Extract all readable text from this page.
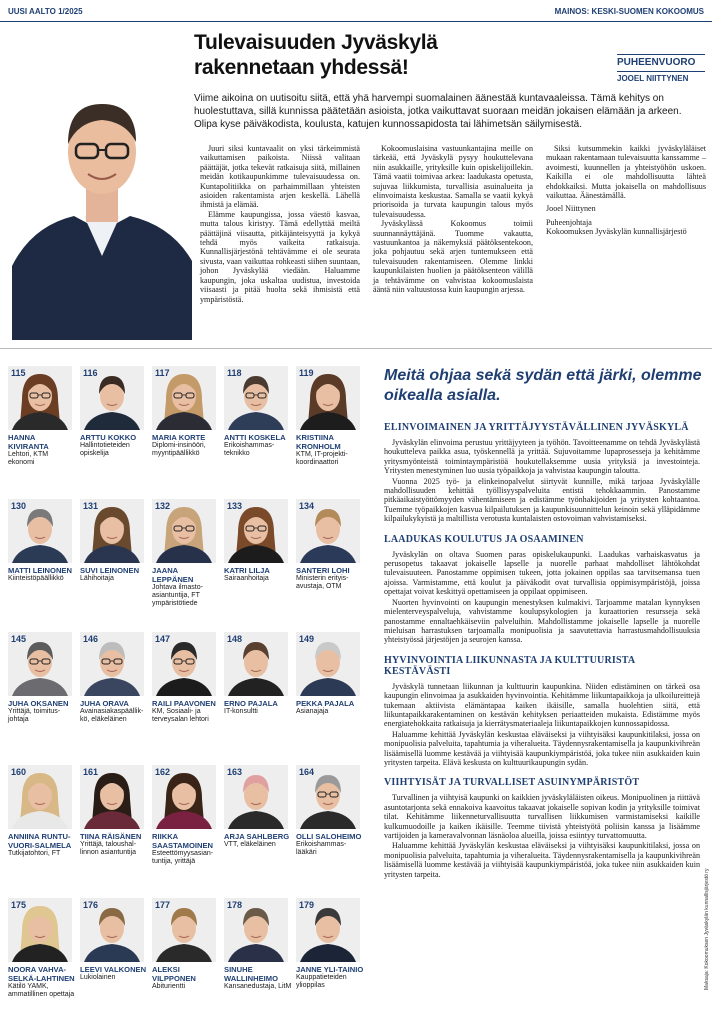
UUSI AALTO 1/2025	MAINOS: KESKI-SUOMEN KOKOOMUS
Tulevaisuuden Jyväskylä
rakennetaan yhdessä!	PUHEENVUORO
JOOEL NIITTYNEN
Viime aikoina on uutisoitu siitä, että yhä harvempi suomalainen äänestää kuntavaaleissa. Tämä kehitys on huolestuttava, sillä kunnissa päätetään asioista, jotka vaikuttavat suoraan meidän jokaisen elämään ja arkeen. Olipa kyse päiväkodista, koulusta, katujen kunnossapidosta tai lähimetsän säilymisestä.

Juuri siksi kuntavaalit on yksi tärkeimmistä vaikuttamisen paikoista. Niissä valitaan päättäjät, jotka tekevät ratkaisuja siitä, millainen meidän kotikaupunkimme tulevaisuudessa on. Kuntapolitiikka on parhaimmillaan yhteisten asioiden rakentamista arjen keskellä. Lähellä ihmistä ja elämää.

Elämme kaupungissa, jossa väestö kasvaa, mutta talous kiristyy. Tämä edellyttää meiltä päättäjinä viisautta, pitkäjänteisyyttä ja kykyä tehdä myös vaikeita ratkaisuja. Kunnallisjärjestönä tehtävämme ei ole seurata sivusta, vaan vaikuttaa rohkeasti siihen suuntaan, johon Jyväskylää viedään. Haluamme kaupungin, joka uskaltaa uudistua, investoida viisaasti ja pitää huolta sekä ihmisistä että ympäristöstä.

Kokoomuslaisina vastuunkantajina meille on tärkeää, että Jyväskylä pysyy houkuttelevana niin asukkaille, yrityksille kuin opiskelijoillekin. Tämä vaatii toimivaa arkea: laadukasta opetusta, sujuvaa liikkumista, turvallisia asuinalueita ja elinvoimaista keskustaa. Samalla se vaatii kykyä priorisoida ja turvata kaupungin talous myös tulevaisuudessa.

Jyväskylässä Kokoomus toimii suunnannäyttäjänä. Tuomme vakautta, vastuunkantoa ja näkemyksiä päätöksentekoon, joka pohjautuu sekä arjen tuntemukseen että tulevaisuuden rakentamiseen. Olemme linkki kaupunkilaisten huolien ja päätöksenteon välillä ja tehtävämme on vahvistaa kokoomuslaista ääntä niin valtuustossa kuin kaupungin arjessa.

Siksi kutsummekin kaikki jyväskyläläiset mukaan rakentamaan tulevaisuutta kanssamme – avoimesti, kuunnellen ja yhteistyöhön uskoen. Kaikilla ei ole mahdollisuutta lähteä ehdokkaiksi. Mutta jokaisella on mahdollisuus vaikuttaa. Äänestämällä.

Jooel Niittynen

Puheenjohtaja

Kokoomuksen Jyväskylän kunnallisjärjestö

115
HANNA KIVIRANTA
Lehtori, KTM ekonomi
116
ARTTU KOKKO
Hallintotieteiden opiskelija
117
MARIA KORTE
Diplomi-insinööri, myyntipäällikkö
118
ANTTI KOSKELA
Erikoishammas-teknikko
119
KRISTIINA KRONHOLM
KTM, IT-projekti-koordinaattori
130
MATTI LEINONEN
Kiinteistöpäällikkö
131
SUVI LEINONEN
Lähihoitaja
132
JAANA LEPPÄNEN
Johtava ilmasto-asiantuntija, FT ympäristötiede
133
KATRI LILJA
Sairaanhoitaja
134
SANTERI LOHI
Ministerin erityis-avustaja, OTM
145
JUHA OKSANEN
Yrittäjä, toimitus-johtaja
146
JUHA ORAVA
Avainasiakaspäällik-kö, eläkeläinen
147
RAILI PAAVONEN
KM, Sosiaali- ja terveysalan lehtori
148
ERNO PAJALA
IT-konsultti
149
PEKKA PAJALA
Asianajaja
160
ANNIINA RUNTU-VUORI-SALMELA
Tutkijatohtori, FT
161
TIINA RÄISÄNEN
Yrittäjä, taloushal-linnon asiantuntija
162
RIIKKA SAASTAMOINEN
Esteettömyysasian-tuntija, yrittäjä
163
ARJA SAHLBERG
VTT, eläkeläinen
164
OLLI SALOHEIMO
Erikoishammas-lääkäri
175
NOORA VAHVA-SELKÄ-LAHTINEN
Kätilö YAMK, ammatillinen opettaja
176
LEEVI VALKONEN
Lukiolainen
177
ALEKSI VILPPONEN
Abiturientti
178
SINUHE WALLINHEIMO
Kansanedustaja, LitM
179
JANNE YLI-TAINIO
Kauppatieteiden ylioppilas
Meitä ohjaa sekä sydän että järki, olemme oikealla asialla.
ELINVOIMAINEN JA YRITTÄJYYSTÄVÄLLINEN JYVÄSKYLÄ

Jyväskylän elinvoima perustuu yrittäjyyteen ja työhön. Tavoitteenamme on tehdä Jyväskylästä houkutteleva paikka asua, työskennellä ja yrittää. Sujuvoitamme lupaprosesseja ja kehitämme yritysmyönteistä toimintaympäristöä houkutellaksemme uusia yrityksiä ja investointeja. Yritysten menestyminen luo uusia työpaikkoja ja vahvistaa kaupungin taloutta.

Vuonna 2025 työ- ja elinkeinopalvelut siirtyvät kunnille, mikä tarjoaa Jyväskylälle mahdollisuuden kehittää työllisyyspalveluita entistä tehokkaammin. Panostamme pitkäaikaistyöttömyyden vähentämiseen ja edistämme työnhakijoiden ja yritysten kohtaantoa. Tuemme työpaikkojen kasvua kilpailutuksen ja kaupunkisuunnittelun keinoin sekä ylläpidämme kilpailukykyistä ja maltillista verotusta kuntalaisten ostovoiman vahvistamiseksi.

LAADUKAS KOULUTUS JA OSAAMINEN

Jyväskylän on oltava Suomen paras opiskelukaupunki. Laadukas varhaiskasvatus ja perusopetus takaavat jokaiselle lapselle ja nuorelle parhaat mahdolliset lähtökohdat tulevaisuuteen. Panostamme oppimisen tukeen, jotta jokainen oppilas saa tarvitsemansa tuen ajoissa. Varmistamme, että koulut ja päiväkodit ovat turvallisia oppimisympäristöjä, joissa opettajat voivat keskittyä opettamiseen ja oppilaat oppimiseen.

Nuorten hyvinvointi on kaupungin menestyksen kulmakivi. Tarjoamme matalan kynnyksen mielenterveyspalveluja, vahvistamme koulupsykologien ja kuraattorien resursseja sekä panostamme ennaltaehkäiseviin palveluihin. Mahdollistamme jokaiselle lapselle ja nuorelle mieluisan harrastuksen tarjoamalla monipuolisia ja saavutettavia harrastusmahdollisuuksia yhteistyössä järjestöjen ja seurojen kanssa.

HYVINVOINTIA LIIKUNNASTA JA KULTTUURISTA KESTÄVÄSTI

Jyväskylä tunnetaan liikunnan ja kulttuurin kaupunkina. Niiden edistäminen on tärkeä osa kaupungin elinvoimaa ja asukkaiden hyvinvointia. Kehitämme liikuntapaikkoja ja ulkoilureittejä tukemaan aktiivista elämäntapaa kaiken ikäisille, samalla huolehtien siitä, että liikuntapaikkarakentaminen on kestävän kehityksen periaatteiden mukaista. Edistämme myös energiatehokkaita ratkaisuja ja kierrätysmateriaaleja liikuntapaikkojen kunnossapidossa.

Haluamme kehittää Jyväskylän keskustaa eläväiseksi ja viihtyisäksi kaupunkitilaksi, jossa on monipuolisia palveluita, tapahtumia ja viheralueita. Täydennysrakentamisella ja kaupunkivihreän lisäämisellä luomme kestävää ja viihtyisää kaupunkiympäristöä, joka tukee niin asukkaiden kuin yritysten tarpeita. Elävä keskusta on kulttuurikaupungin sydän.

VIIHTYISÄT JA TURVALLISET ASUINYMPÄRISTÖT

Turvallinen ja viihtyisä kaupunki on kaikkien jyväskyläläisten oikeus. Monipuolinen ja riittävä asuntotarjonta sekä ennakoiva kaavoitus takaavat jokaiselle sopivan kodin ja yrityksille toimivat tilat. Kehitämme liikenneturvallisuutta turvallisen liikkumisen varmistamiseksi kaikille kulkumuodoille ja kaiken ikäisille. Teemme tiivistä yhteistyötä poliisin kanssa ja lisäämme vartijoiden ja kameravalvonnan läsnäoloa alueilla, joissa esiintyy turvattomuutta.

Haluamme kehittää Jyväskylän keskustaa eläväiseksi ja viihtyisäksi kaupunkitilaksi, jossa on monipuolisia palveluita, tapahtumia ja viheralueita. Täydennysrakentamisella ja kaupunkivihreän lisäämisellä luomme kestävää ja viihtyisää kaupunkiympäristöä, joka tukee niin asukkaiden kuin yritysten tarpeita.	Maksaja: Kokoomuksen Jyväskylän kunnallisjärjestö ry
